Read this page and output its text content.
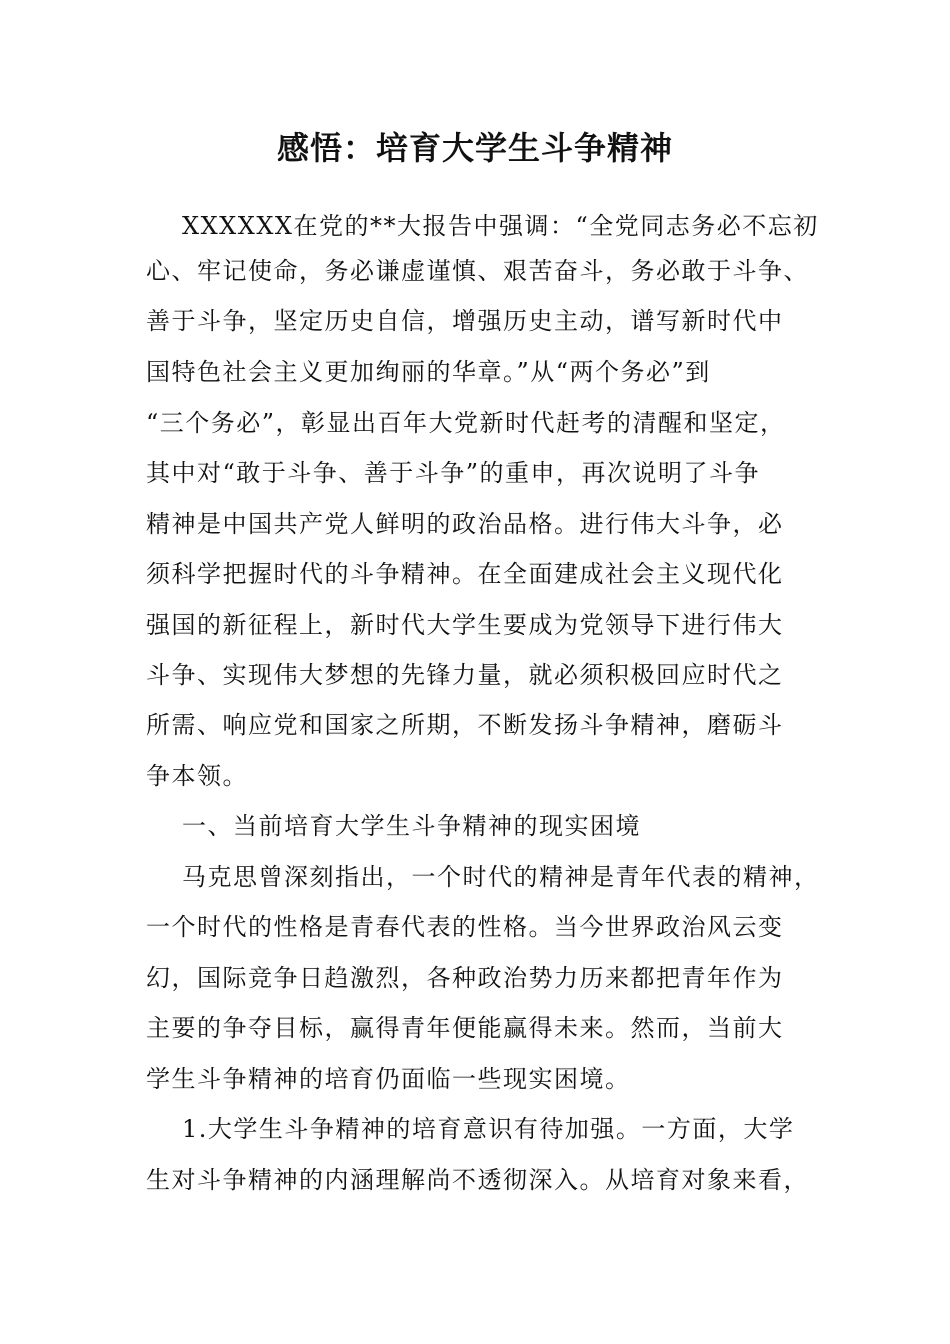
感悟：培育大学生斗争精神
XXXXXX在党的**大报告中强调：“全党同志务必不忘初
心、牢记使命，务必谦虚谨慎、艰苦奋斗，务必敢于斗争、
善于斗争，坚定历史自信，增强历史主动，谱写新时代中
国特色社会主义更加绚丽的华章。”从“两个务必”到
“三个务必”，彰显出百年大党新时代赶考的清醒和坚定，
其中对“敢于斗争、善于斗争”的重申，再次说明了斗争
精神是中国共产党人鲜明的政治品格。进行伟大斗争，必
须科学把握时代的斗争精神。在全面建成社会主义现代化
强国的新征程上，新时代大学生要成为党领导下进行伟大
斗争、实现伟大梦想的先锋力量，就必须积极回应时代之
所需、响应党和国家之所期，不断发扬斗争精神，磨砺斗
争本领。
一、当前培育大学生斗争精神的现实困境
马克思曾深刻指出，一个时代的精神是青年代表的精神，
一个时代的性格是青春代表的性格。当今世界政治风云变
幻，国际竞争日趋激烈，各种政治势力历来都把青年作为
主要的争夺目标，赢得青年便能赢得未来。然而，当前大
学生斗争精神的培育仍面临一些现实困境。
1.大学生斗争精神的培育意识有待加强。一方面，大学
生对斗争精神的内涵理解尚不透彻深入。从培育对象来看，
